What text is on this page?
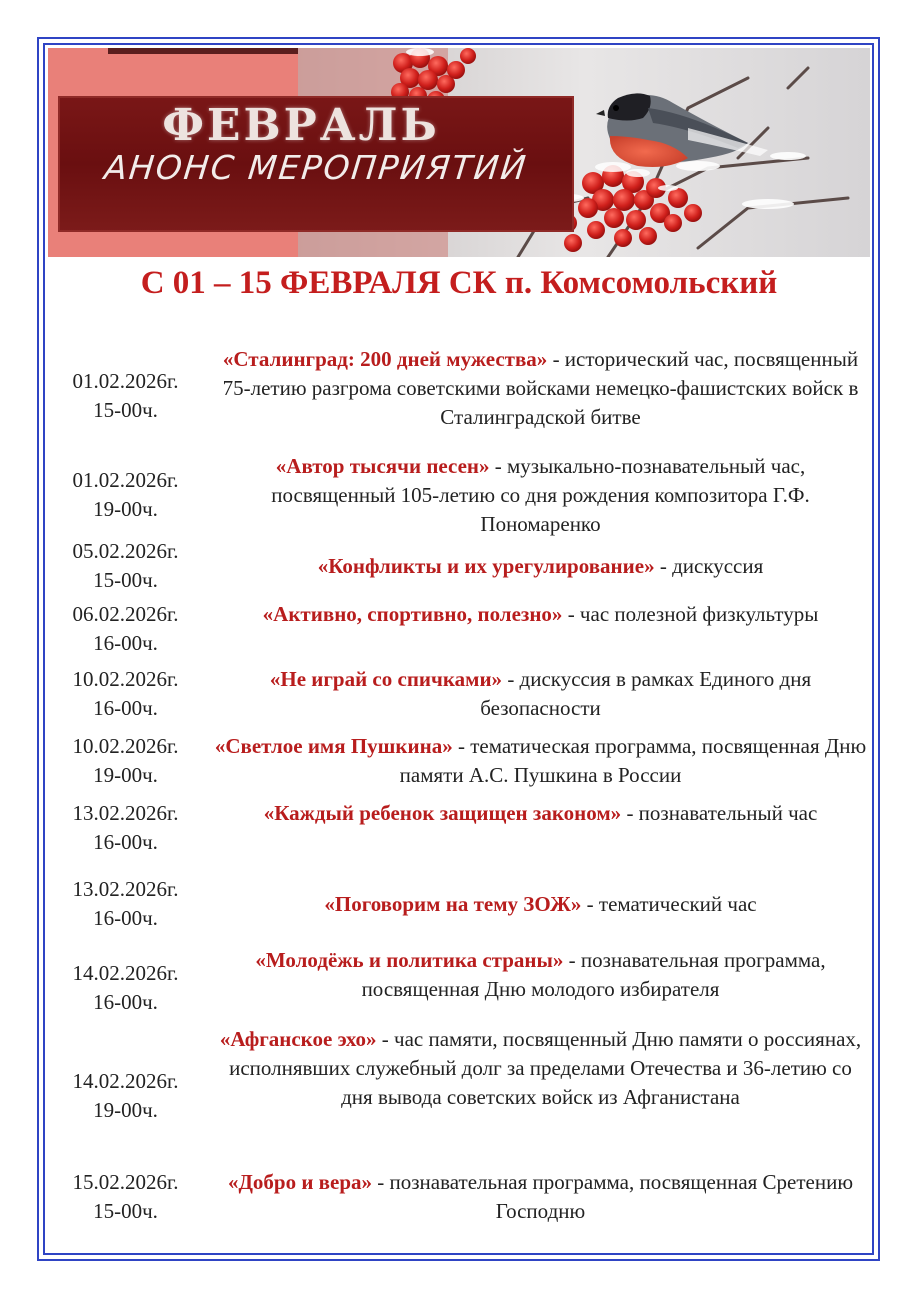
ФЕВРАЛЬ

АНОНС МЕРОПРИЯТИЙ

С 01 – 15 ФЕВРАЛЯ СК п. Комсомольский
01.02.2026г.
15-00ч.
«Сталинград: 200 дней мужества» - исторический час, посвященный 75-летию разгрома советскими войсками немецко-фашистских войск в Сталинградской битве
01.02.2026г.
19-00ч.
«Автор тысячи песен» - музыкально-познавательный час, посвященный 105-летию со дня рождения композитора Г.Ф. Пономаренко
05.02.2026г.
15-00ч.
«Конфликты и их урегулирование» - дискуссия
06.02.2026г.
16-00ч.
«Активно, спортивно, полезно» - час полезной физкультуры
10.02.2026г.
16-00ч.
«Не играй со спичками» - дискуссия в рамках Единого дня безопасности
10.02.2026г.
19-00ч.
«Светлое имя Пушкина» - тематическая программа, посвященная Дню памяти А.С. Пушкина в России
13.02.2026г.
16-00ч.
«Каждый ребенок защищен законом» - познавательный час
13.02.2026г.
16-00ч.
«Поговорим на тему ЗОЖ» - тематический час
14.02.2026г.
16-00ч.
«Молодёжь и политика страны» - познавательная программа, посвященная Дню молодого избирателя
14.02.2026г.
19-00ч.
«Афганское эхо» - час памяти, посвященный Дню памяти о россиянах, исполнявших служебный долг за пределами Отечества и 36-летию со дня вывода советских войск из Афганистана
15.02.2026г.
15-00ч.
«Добро и вера» - познавательная программа, посвященная Сретению Господню
